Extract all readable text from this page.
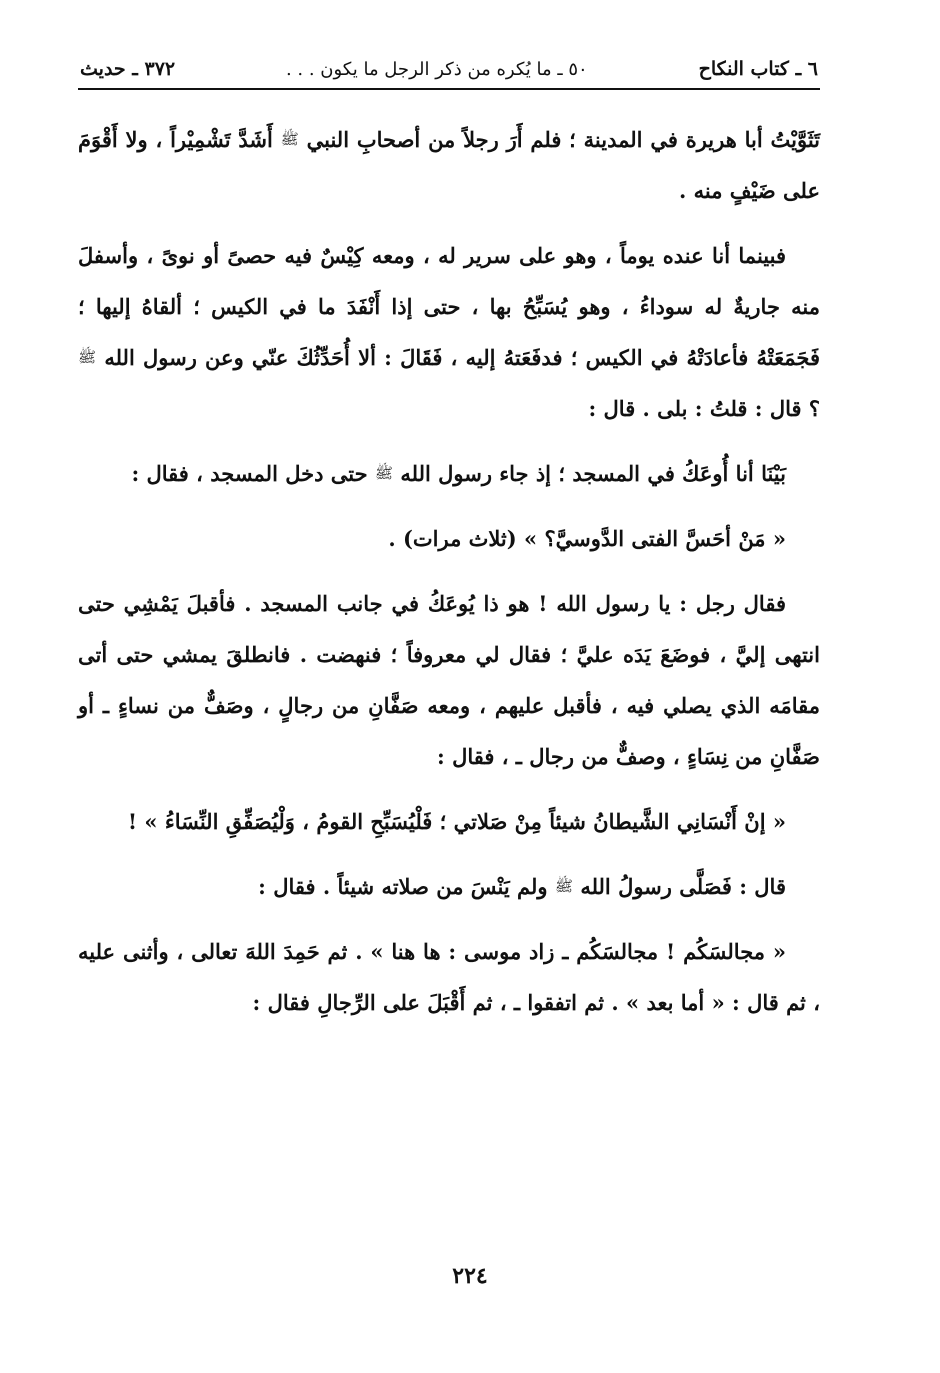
٦ ـ كتاب النكاح
٥٠ ـ ما يُكره من ذكر الرجل ما يكون . . .
٣٧٢ ـ حديث

تَثَوَّيْتُ أبا هريرة في المدينة ؛ فلم أَرَ رجلاً من أصحابِ النبي ﷺ أَشَدَّ تَشْمِيْراً ، ولا أَقْوَمَ على ضَيْفٍ منه .

فبينما أنا عنده يوماً ، وهو على سرير له ، ومعه كِيْسٌ فيه حصىً أو نوىً ، وأسفلَ منه جاريةٌ له سوداءُ ، وهو يُسَبِّحُ بها ، حتى إذا أَنْفَدَ ما في الكيس ؛ ألقاهُ إليها ؛ فَجَمَعَتْهُ فأعادَتْهُ في الكيس ؛ فدفَعَتهُ إليه ، فَقَالَ : ألا أُحَدِّثُكَ عنّي وعن رسول الله ﷺ ؟ قال : قلتُ : بلى . قال :

بَيْنَا أنا أُوعَكُ في المسجد ؛ إذ جاء رسول الله ﷺ حتى دخل المسجد ، فقال :

« مَنْ أحَسَّ الفتى الدَّوسيَّ؟ » (ثلاث مرات) .

فقال رجل : يا رسول الله ! هو ذا يُوعَكُ في جانب المسجد . فأقبلَ يَمْشِي حتى انتهى إليَّ ، فوضَعَ يَدَه عليَّ ؛ فقال لي معروفاً ؛ فنهضت . فانطلقَ يمشي حتى أتى مقامَه الذي يصلي فيه ، فأقبل عليهم ، ومعه صَفَّانِ من رجالٍ ، وصَفٌّ من نساءٍ ـ أو صَفَّانِ من نِسَاءٍ ، وصفٌّ من رجال ـ ، فقال :

« إنْ أَنْسَانِي الشَّيطانُ شيئاً مِنْ صَلاتي ؛ فَلْيُسَبِّحِ القومُ ، وَلْيُصَفِّقِ النِّسَاءُ » !

قال : فَصَلَّى رسولُ الله ﷺ ولم يَنْسَ من صلاته شيئاً . فقال :

« مجالسَكُم ! مجالسَكُم ـ زاد موسى : ها هنا » . ثم حَمِدَ اللهَ تعالى ، وأثنى عليه ، ثم قال : « أما بعد » . ثم اتفقوا ـ ، ثم أَقْبَلَ على الرِّجالِ فقال :

٢٢٤
